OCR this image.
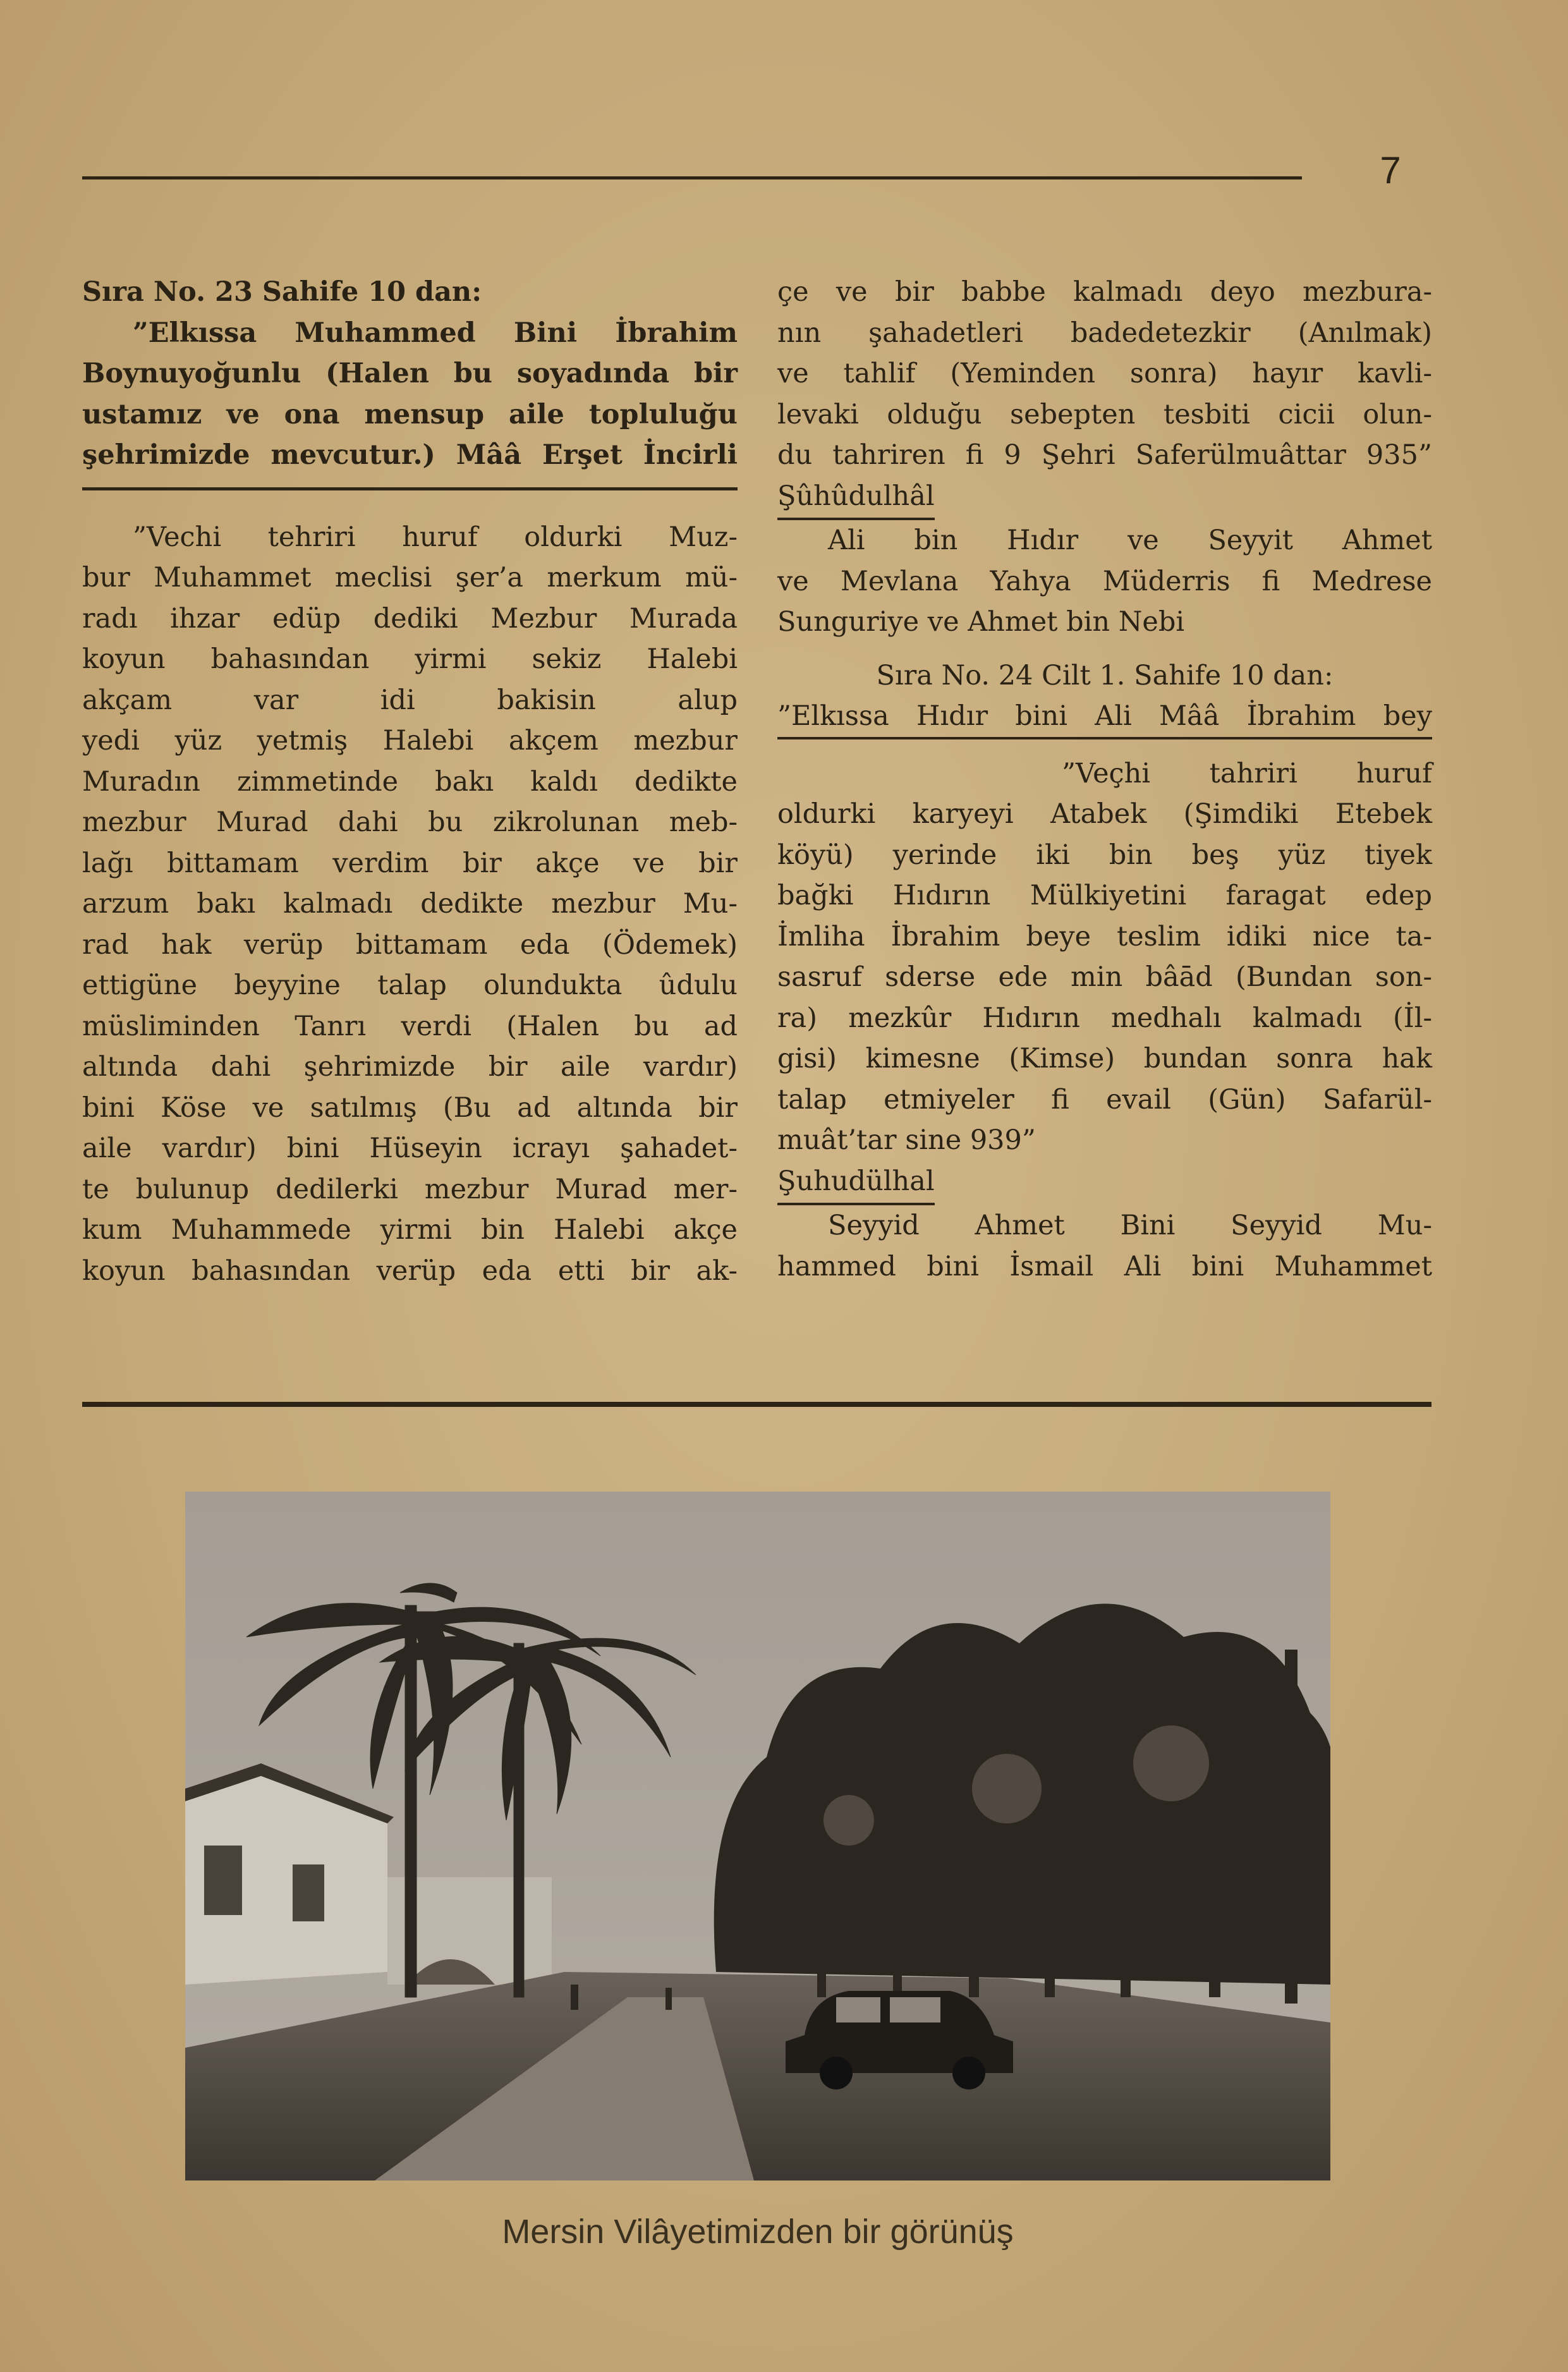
7

Sıra No. 23 Sahife 10 dan:

”Elkıssa Muhammed Bini İbrahim

Boynuyoğunlu (Halen bu soyadında bir

ustamız ve ona mensup aile topluluğu

şehrimizde mevcutur.) Mââ Erşet İncirli

”Vechi tehriri huruf oldurki Muz-

bur Muhammet meclisi şer’a merkum mü-

radı ihzar edüp dediki Mezbur Murada

koyun bahasından yirmi sekiz Halebi

akçam var idi bakisin alup

yedi yüz yetmiş Halebi akçem mezbur

Muradın zimmetinde bakı kaldı dedikte

mezbur Murad dahi bu zikrolunan meb-

lağı bittamam verdim bir akçe ve bir

arzum bakı kalmadı dedikte mezbur Mu-

rad hak verüp bittamam eda (Ödemek)

ettigüne beyyine talap olundukta ûdulu

müsliminden Tanrı verdi (Halen bu ad

altında dahi şehrimizde bir aile vardır)

bini Köse ve satılmış (Bu ad altında bir

aile vardır) bini Hüseyin icrayı şahadet-

te bulunup dedilerki mezbur Murad mer-

kum Muhammede yirmi bin Halebi akçe

koyun bahasından verüp eda etti bir ak-

çe ve bir babbe kalmadı deyo mezbura-

nın şahadetleri badedetezkir (Anılmak)

ve tahlif (Yeminden sonra) hayır kavli-

levaki olduğu sebepten tesbiti cicii olun-

du tahriren fi 9 Şehri Saferülmuâttar 935”

Şûhûdulhâl

Ali bin Hıdır ve Seyyit Ahmet

ve Mevlana Yahya Müderris fi Medrese

Sunguriye ve Ahmet bin Nebi

Sıra No. 24 Cilt 1. Sahife 10 dan:

”Elkıssa Hıdır bini Ali Mââ İbrahim bey

”Veçhi tahriri huruf

oldurki karyeyi Atabek (Şimdiki Etebek

köyü) yerinde iki bin beş yüz tiyek

bağki Hıdırın Mülkiyetini faragat edep

İmliha İbrahim beye teslim idiki nice ta-

sasruf sderse ede min bâād (Bundan son-

ra) mezkûr Hıdırın medhalı kalmadı (İl-

gisi) kimesne (Kimse) bundan sonra hak

talap etmiyeler fi evail (Gün) Safarül-

muât’tar sine 939”

Şuhudülhal

Seyyid Ahmet Bini Seyyid Mu-

hammed bini İsmail Ali bini Muhammet

Mersin Vilâyetimizden bir görünüş
